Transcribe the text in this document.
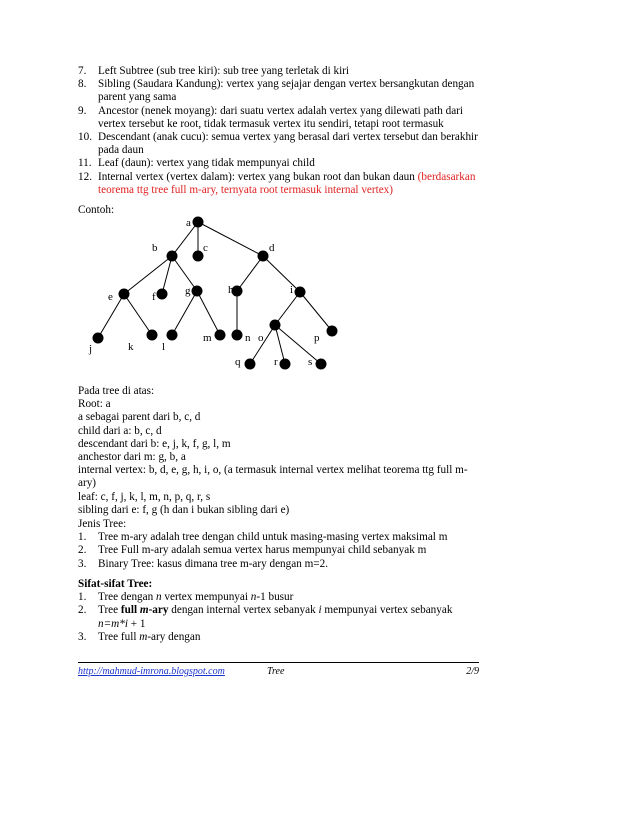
7. Left Subtree (sub tree kiri): sub tree yang terletak di kiri
8. Sibling (Saudara Kandung): vertex yang sejajar dengan vertex bersangkutan dengan parent yang sama
9. Ancestor (nenek moyang): dari suatu vertex adalah vertex yang dilewati path dari vertex tersebut ke root, tidak termasuk vertex itu sendiri, tetapi root termasuk
10. Descendant (anak cucu): semua vertex yang berasal dari vertex tersebut dan berakhir pada daun
11. Leaf (daun): vertex yang tidak mempunyai child
12. Internal vertex (vertex dalam): vertex yang bukan root dan bukan daun (berdasarkan teorema ttg tree full m-ary, ternyata root termasuk internal vertex)
Contoh:
a
b	c	d
e	f	g	h	i
j	k	l
m	n o	p
q	r	s

Pada tree di atas:

Root: a

a sebagai parent dari b, c, d

child dari a: b, c, d

descendant dari b: e, j, k, f, g, l, m

anchestor dari m: g, b, a

internal vertex: b, d, e, g, h, i, o, (a termasuk internal vertex melihat teorema ttg full m-ary)

leaf: c, f, j, k, l, m, n, p, q, r, s

sibling dari e: f, g (h dan i bukan sibling dari e)

Jenis Tree:

1. Tree m-ary adalah tree dengan child untuk masing-masing vertex maksimal m
2. Tree Full m-ary adalah semua vertex harus mempunyai child sebanyak m
3. Binary Tree: kasus dimana tree m-ary dengan m=2.

Sifat-sifat Tree:

1. Tree dengan n vertex mempunyai n-1 busur
2. Tree full m-ary dengan internal vertex sebanyak i mempunyai vertex sebanyak
n=m*i + 1
3. Tree full m-ary dengan
http://mahmud-imrona.blogspot.com	Tree	2/9
